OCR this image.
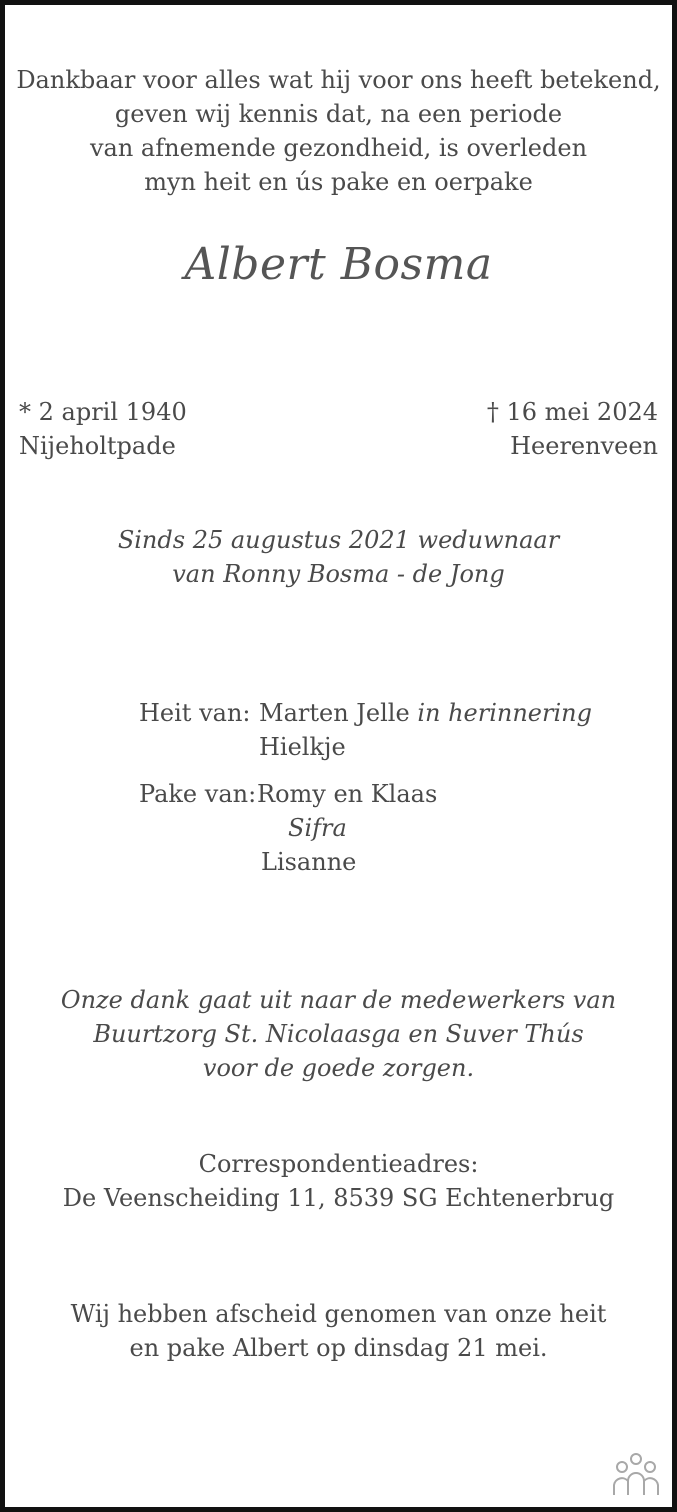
Dankbaar voor alles wat hij voor ons heeft betekend,
geven wij kennis dat, na een periode
van afnemende gezondheid, is overleden
myn heit en ús pake en oerpake
Albert Bosma
* 2 april 1940
Nijeholtpade
† 16 mei 2024
Heerenveen
Sinds 25 augustus 2021 weduwnaar
van Ronny Bosma - de Jong
Heit van: Marten Jelle in herinnering
Hielkje
Pake van: Romy en Klaas
Sifra
Lisanne
Onze dank gaat uit naar de medewerkers van
Buurtzorg St. Nicolaasga en Suver Thús
voor de goede zorgen.
Correspondentieadres:
De Veenscheiding 11, 8539 SG Echtenerbrug
Wij hebben afscheid genomen van onze heit
en pake Albert op dinsdag 21 mei.
